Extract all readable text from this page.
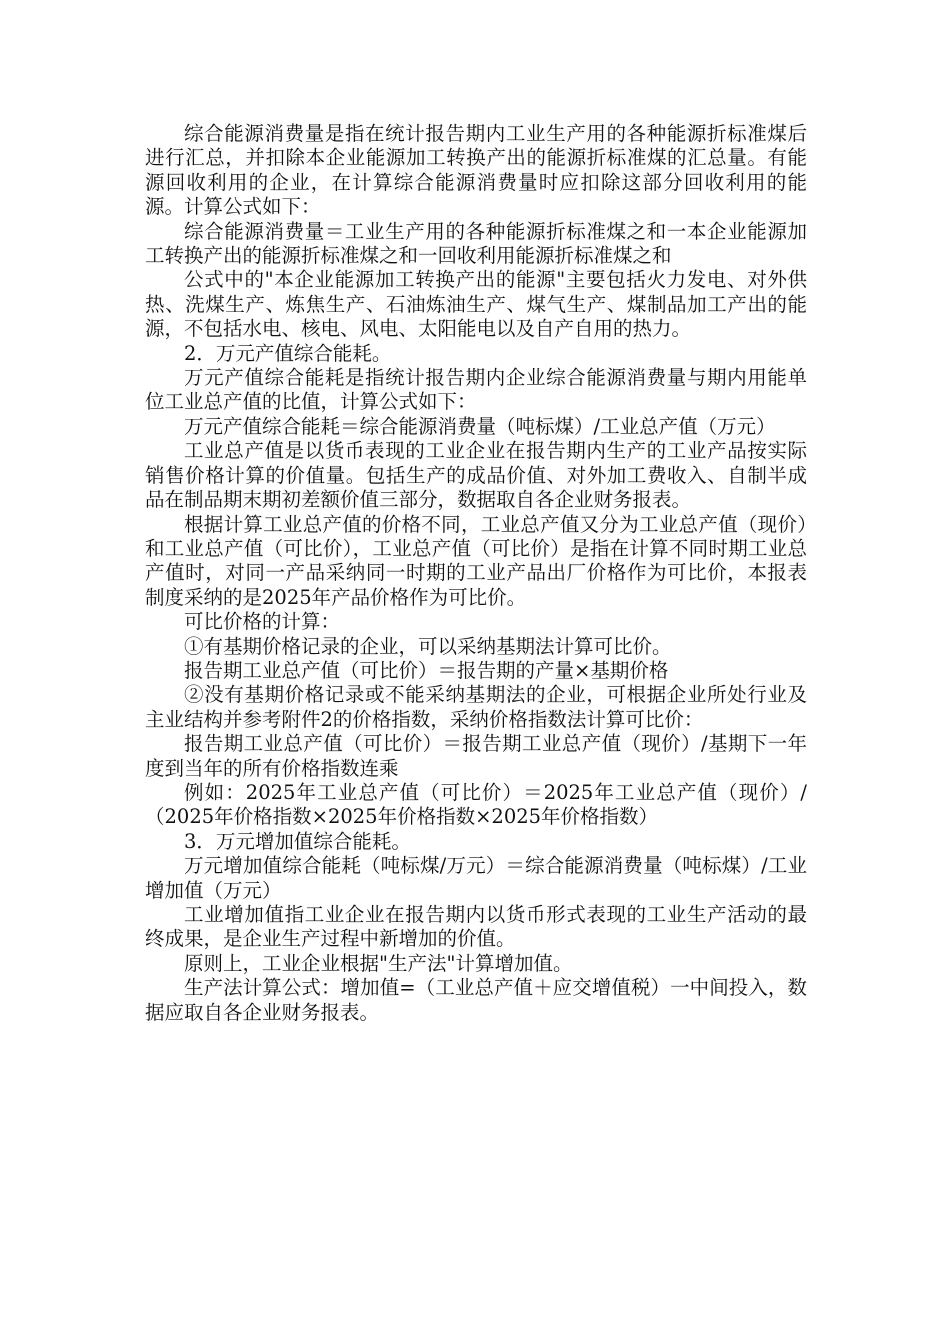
综合能源消费量是指在统计报告期内工业生产用的各种能源折标准煤后进行汇总，并扣除本企业能源加工转换产出的能源折标准煤的汇总量。有能源回收利用的企业，在计算综合能源消费量时应扣除这部分回收利用的能源。计算公式如下：

综合能源消费量＝工业生产用的各种能源折标准煤之和一本企业能源加工转换产出的能源折标准煤之和一回收利用能源折标准煤之和

公式中的"本企业能源加工转换产出的能源"主要包括火力发电、对外供热、洗煤生产、炼焦生产、石油炼油生产、煤气生产、煤制品加工产出的能源，不包括水电、核电、风电、太阳能电以及自产自用的热力。

2．万元产值综合能耗。

万元产值综合能耗是指统计报告期内企业综合能源消费量与期内用能单位工业总产值的比值，计算公式如下：

万元产值综合能耗＝综合能源消费量（吨标煤）/工业总产值（万元）

工业总产值是以货币表现的工业企业在报告期内生产的工业产品按实际销售价格计算的价值量。包括生产的成品价值、对外加工费收入、自制半成品在制品期末期初差额价值三部分，数据取自各企业财务报表。

根据计算工业总产值的价格不同，工业总产值又分为工业总产值（现价）和工业总产值（可比价），工业总产值（可比价）是指在计算不同时期工业总产值时，对同一产品采纳同一时期的工业产品出厂价格作为可比价，本报表制度采纳的是2025年产品价格作为可比价。

可比价格的计算：

①有基期价格记录的企业，可以采纳基期法计算可比价。

报告期工业总产值（可比价）＝报告期的产量×基期价格

②没有基期价格记录或不能采纳基期法的企业，可根据企业所处行业及主业结构并参考附件2的价格指数，采纳价格指数法计算可比价：

报告期工业总产值（可比价）＝报告期工业总产值（现价）/基期下一年度到当年的所有价格指数连乘

例如：2025年工业总产值（可比价）＝2025年工业总产值（现价）/（2025年价格指数×2025年价格指数×2025年价格指数）

3．万元增加值综合能耗。

万元增加值综合能耗（吨标煤/万元）＝综合能源消费量（吨标煤）/工业增加值（万元）

工业增加值指工业企业在报告期内以货币形式表现的工业生产活动的最终成果，是企业生产过程中新增加的价值。

原则上，工业企业根据"生产法"计算增加值。

生产法计算公式：增加值=（工业总产值＋应交增值税）一中间投入，数据应取自各企业财务报表。
